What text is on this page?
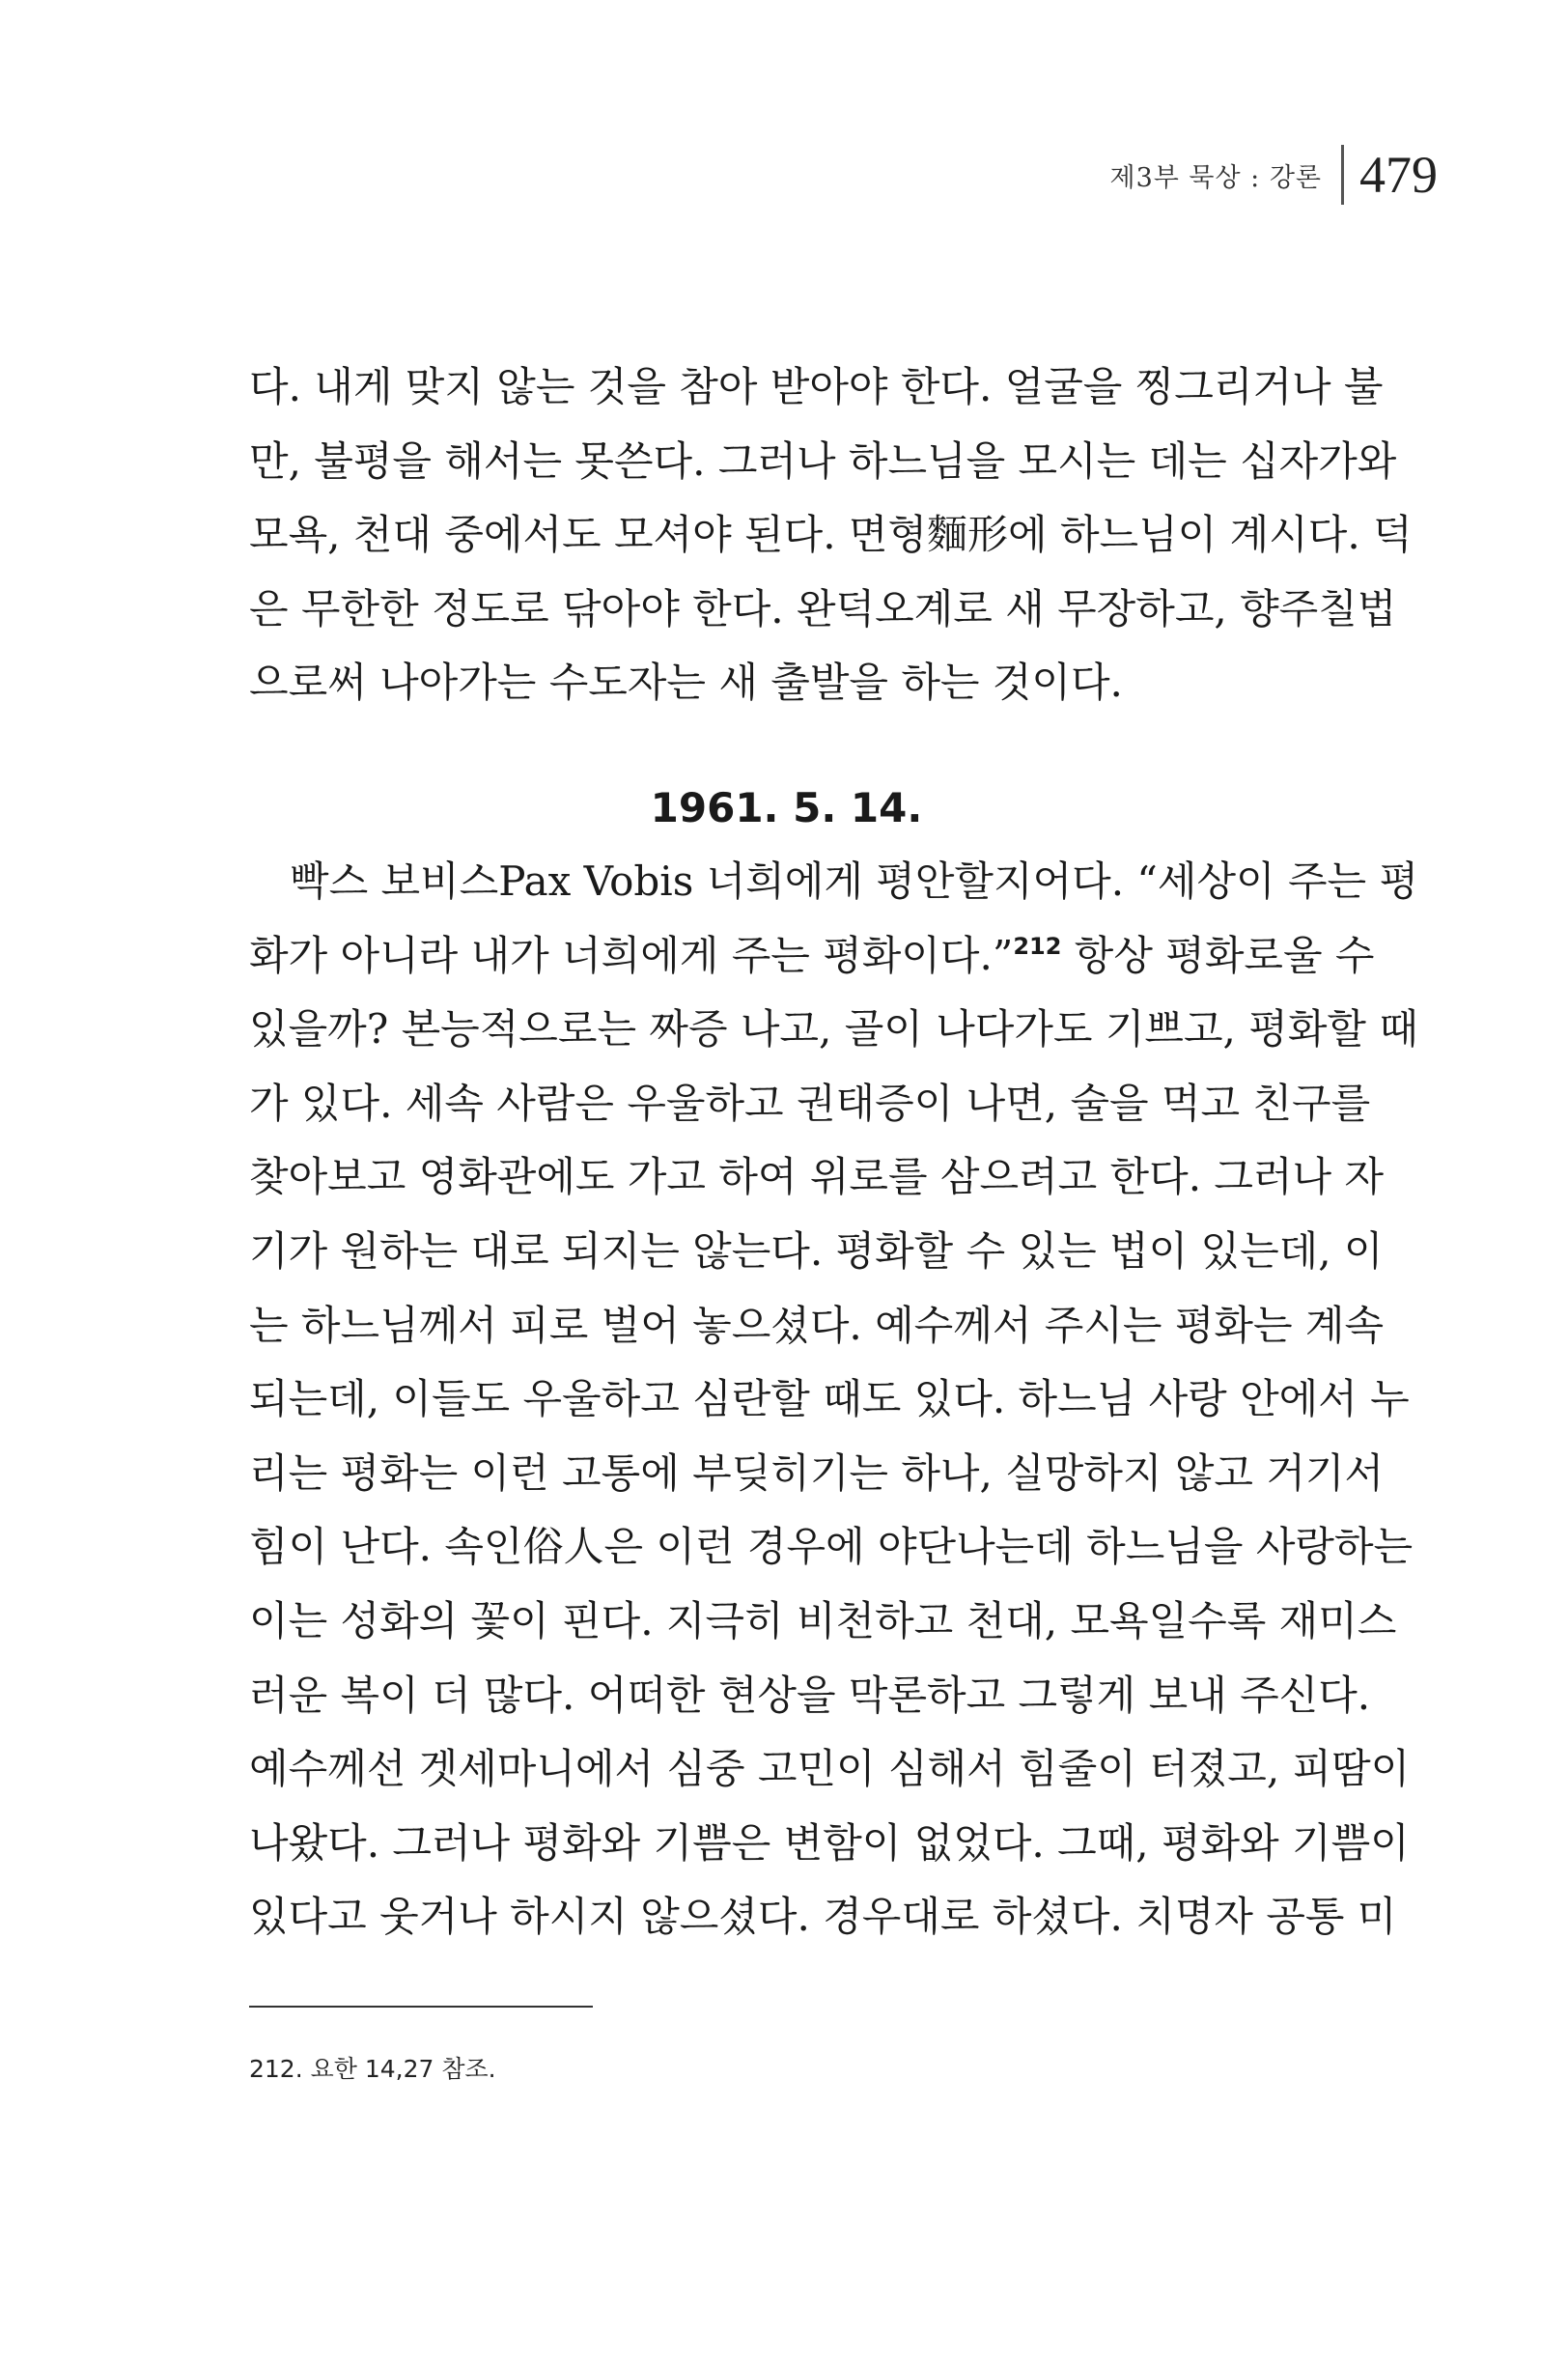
제3부 묵상 : 강론 479
다. 내게 맞지 않는 것을 참아 받아야 한다. 얼굴을 찡그리거나 불
만, 불평을 해서는 못쓴다. 그러나 하느님을 모시는 데는 십자가와
모욕, 천대 중에서도 모셔야 된다. 면형麵形에 하느님이 계시다. 덕
은 무한한 정도로 닦아야 한다. 완덕오계로 새 무장하고, 향주칠법
으로써 나아가는 수도자는 새 출발을 하는 것이다.
1961. 5. 14.
빡스 보비스Pax Vobis 너희에게 평안할지어다. “세상이 주는 평
화가 아니라 내가 너희에게 주는 평화이다.”$^{212}$ 항상 평화로울 수
있을까? 본능적으로는 짜증 나고, 골이 나다가도 기쁘고, 평화할 때
가 있다. 세속 사람은 우울하고 권태증이 나면, 술을 먹고 친구를
찾아보고 영화관에도 가고 하여 위로를 삼으려고 한다. 그러나 자
기가 원하는 대로 되지는 않는다. 평화할 수 있는 법이 있는데, 이
는 하느님께서 피로 벌어 놓으셨다. 예수께서 주시는 평화는 계속
되는데, 이들도 우울하고 심란할 때도 있다. 하느님 사랑 안에서 누
리는 평화는 이런 고통에 부딪히기는 하나, 실망하지 않고 거기서
힘이 난다. 속인俗人은 이런 경우에 야단나는데 하느님을 사랑하는
이는 성화의 꽃이 핀다. 지극히 비천하고 천대, 모욕일수록 재미스
러운 복이 더 많다. 어떠한 현상을 막론하고 그렇게 보내 주신다.
예수께선 겟세마니에서 심중 고민이 심해서 힘줄이 터졌고, 피땀이
나왔다. 그러나 평화와 기쁨은 변함이 없었다. 그때, 평화와 기쁨이
있다고 웃거나 하시지 않으셨다. 경우대로 하셨다. 치명자 공통 미
212. 요한 14,27 참조.
